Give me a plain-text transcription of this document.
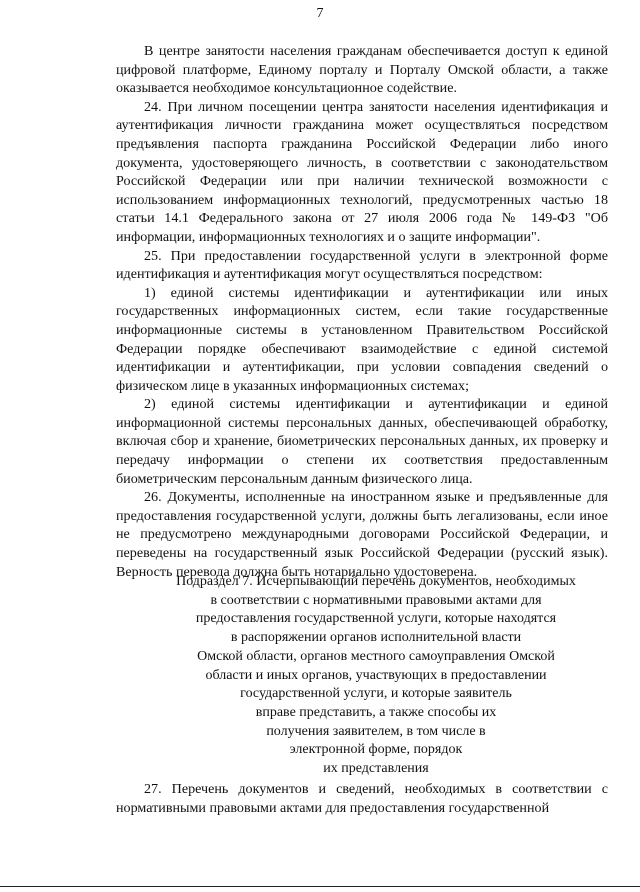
7

В центре занятости населения гражданам обеспечивается доступ к единой цифровой платформе, Единому порталу и Порталу Омской области, а также оказывается необходимое консультационное содействие.

24. При личном посещении центра занятости населения идентификация и аутентификация личности гражданина может осуществляться посредством предъявления паспорта гражданина Российской Федерации либо иного документа, удостоверяющего личность, в соответствии с законодательством Российской Федерации или при наличии технической возможности с использованием информационных технологий, предусмотренных частью 18 статьи 14.1 Федерального закона от 27 июля 2006 года № 149-ФЗ "Об информации, информационных технологиях и о защите информации".

25. При предоставлении государственной услуги в электронной форме идентификация и аутентификация могут осуществляться посредством:

1) единой системы идентификации и аутентификации или иных государственных информационных систем, если такие государственные информационные системы в установленном Правительством Российской Федерации порядке обеспечивают взаимодействие с единой системой идентификации и аутентификации, при условии совпадения сведений о физическом лице в указанных информационных системах;

2) единой системы идентификации и аутентификации и единой информационной системы персональных данных, обеспечивающей обработку, включая сбор и хранение, биометрических персональных данных, их проверку и передачу информации о степени их соответствия предоставленным биометрическим персональным данным физического лица.

26. Документы, исполненные на иностранном языке и предъявленные для предоставления государственной услуги, должны быть легализованы, если иное не предусмотрено международными договорами Российской Федерации, и переведены на государственный язык Российской Федерации (русский язык). Верность перевода должна быть нотариально удостоверена.

Подраздел 7. Исчерпывающий перечень документов, необходимых
в соответствии с нормативными правовыми актами для
предоставления государственной услуги, которые находятся
в распоряжении органов исполнительной власти
Омской области, органов местного самоуправления Омской
области и иных органов, участвующих в предоставлении
государственной услуги, и которые заявитель
вправе представить, а также способы их
получения заявителем, в том числе в
электронной форме, порядок
их представления

27. Перечень документов и сведений, необходимых в соответствии с нормативными правовыми актами для предоставления государственной
